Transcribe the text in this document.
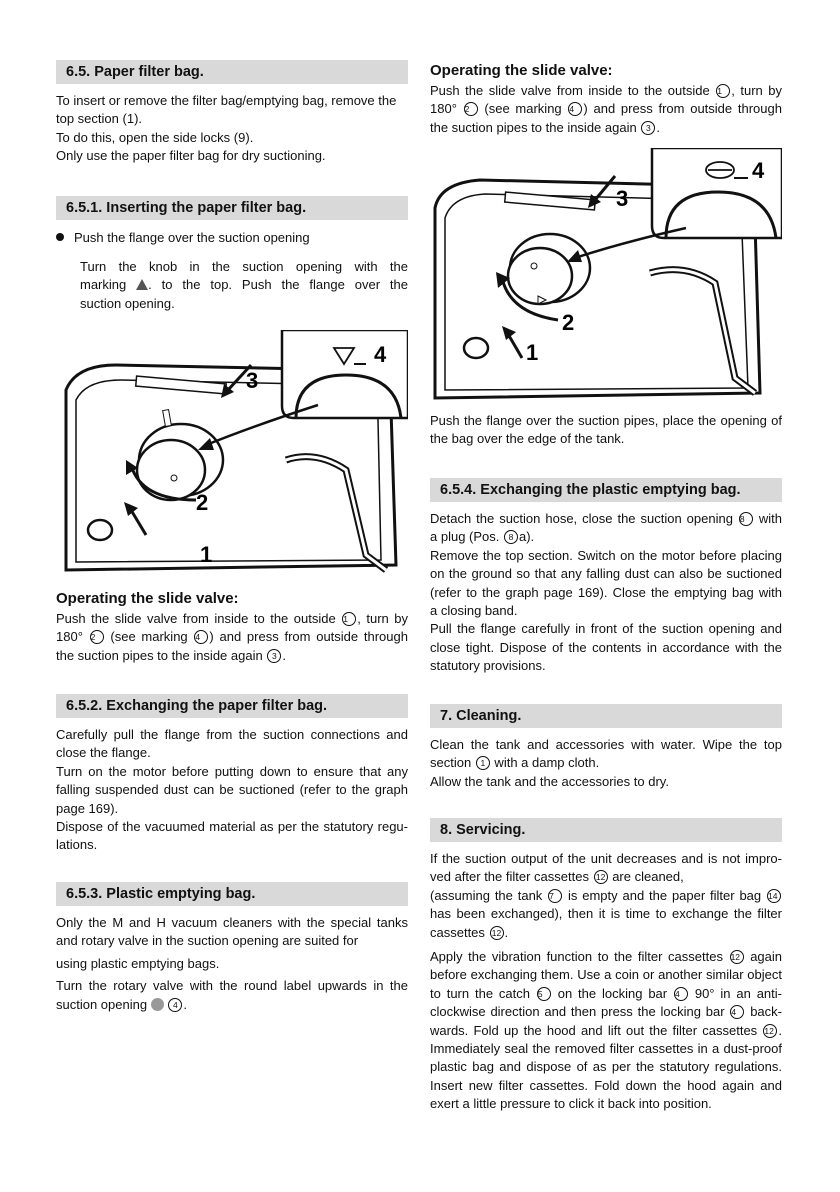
6.5. Paper filter bag.
To insert or remove the filter bag/emptying bag, remove the
top section (1).
To do this, open the side locks (9).
Only use the paper filter bag for dry suctioning.
6.5.1. Inserting the paper filter bag.
Push the flange over the suction opening
Turn the knob in the suction opening with the
marking . to the top. Push the flange over the
suction opening.
1
2
3
4
Operating the slide valve:
Push the slide valve from inside to the outside 1 , turn by
180° 2 (see marking 4 ) and press from outside through
the suction pipes to the inside again 3 .
6.5.2. Exchanging the paper filter bag.
Carefully pull the flange from the suction connections and
close the flange.
Turn on the motor before putting down to ensure that any
falling suspended dust can be suctioned (refer to the graph
page 169).
Dispose of the vacuumed material as per the statutory regu-
lations.
6.5.3. Plastic emptying bag.
Only the M and H vacuum cleaners with the special tanks
and rotary valve in the suction opening are suited for
using plastic emptying bags.
Turn the rotary valve with the round label upwards in the
suction opening	4 .
Operating the slide valve:
Push the slide valve from inside to the outside 1 , turn by
180° 2 (see marking 4 ) and press from outside through
the suction pipes to the inside again 3 .
1
2
3
4
Push the flange over the suction pipes, place the opening of
the bag over the edge of the tank.
6.5.4. Exchanging the plastic emptying bag.
Detach the suction hose, close the suction opening 8 with
a plug (Pos. 8 a).
Remove the top section. Switch on the motor before placing
on the ground so that any falling dust can also be suctioned
(refer to the graph page 169). Close the emptying bag with
a closing band.
Pull the flange carefully in front of the suction opening and
close tight. Dispose of the contents in accordance with the
statutory provisions.
7. Cleaning.
Clean the tank and accessories with water. Wipe the top
section 1 with a damp cloth.
Allow the tank and the accessories to dry.
8. Servicing.
If the suction output of the unit decreases and is not impro-
ved after the filter cassettes 12 are cleaned,
(assuming the tank 7 is empty and the paper filter bag 14
has been exchanged), then it is time to exchange the filter
cassettes 12 .
Apply the vibration function to the filter cassettes 12 again
before exchanging them. Use a coin or another similar object
to turn the catch 5 on the locking bar 4 90° in an anti-
clockwise direction and then press the locking bar 4 back-
wards. Fold up the hood and lift out the filter cassettes 12 .
Immediately seal the removed filter cassettes in a dust-proof
plastic bag and dispose of as per the statutory regulations.
Insert new filter cassettes. Fold down the hood again and
exert a little pressure to click it back into position.
